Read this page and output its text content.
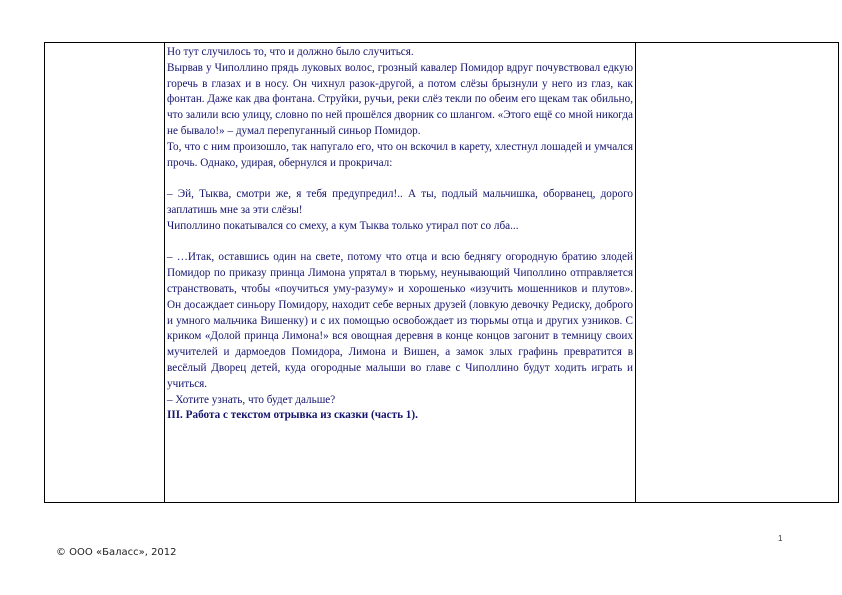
Но тут случилось то, что и должно было случиться.

Вырвав у Чиполлино прядь луковых волос, грозный кавалер Помидор вдруг почувствовал едкую горечь в глазах и в носу. Он чихнул разок-другой, а потом слёзы брызнули у него из глаз, как фонтан. Даже как два фонтана. Струйки, ручьи, реки слёз текли по обеим его щекам так обильно, что залили всю улицу, словно по ней прошёлся дворник со шлангом. «Этого ещё со мной никогда не бывало!» – думал перепуганный синьор Помидор.

То, что с ним произошло, так напугало его, что он вскочил в карету, хлестнул лошадей и умчался прочь. Однако, удирая, обернулся и прокричал:

– Эй, Тыква, смотри же, я тебя предупредил!.. А ты, подлый мальчишка, оборванец, дорого заплатишь мне за эти слёзы!

Чиполлино покатывался со смеху, а кум Тыква только утирал пот со лба...

– …Итак, оставшись один на свете, потому что отца и всю беднягу огородную братию злодей Помидор по приказу принца Лимона упрятал в тюрьму, неунывающий Чиполлино отправляется странствовать, чтобы «поучиться уму-разуму» и хорошенько «изучить мошенников и плутов». Он досаждает синьору Помидору, находит себе верных друзей (ловкую девочку Редиску, доброго и умного мальчика Вишенку) и с их помощью освобождает из тюрьмы отца и других узников. С криком «Долой принца Лимона!» вся овощная деревня в конце концов загонит в темницу своих мучителей и дармоедов Помидора, Лимона и Вишен, а замок злых графинь превратится в весёлый Дворец детей, куда огородные малыши во главе с Чиполлино будут ходить играть и учиться.

– Хотите узнать, что будет дальше?

III. Работа с текстом отрывка из сказки (часть 1).

1
© ООО «Баласс», 2012
